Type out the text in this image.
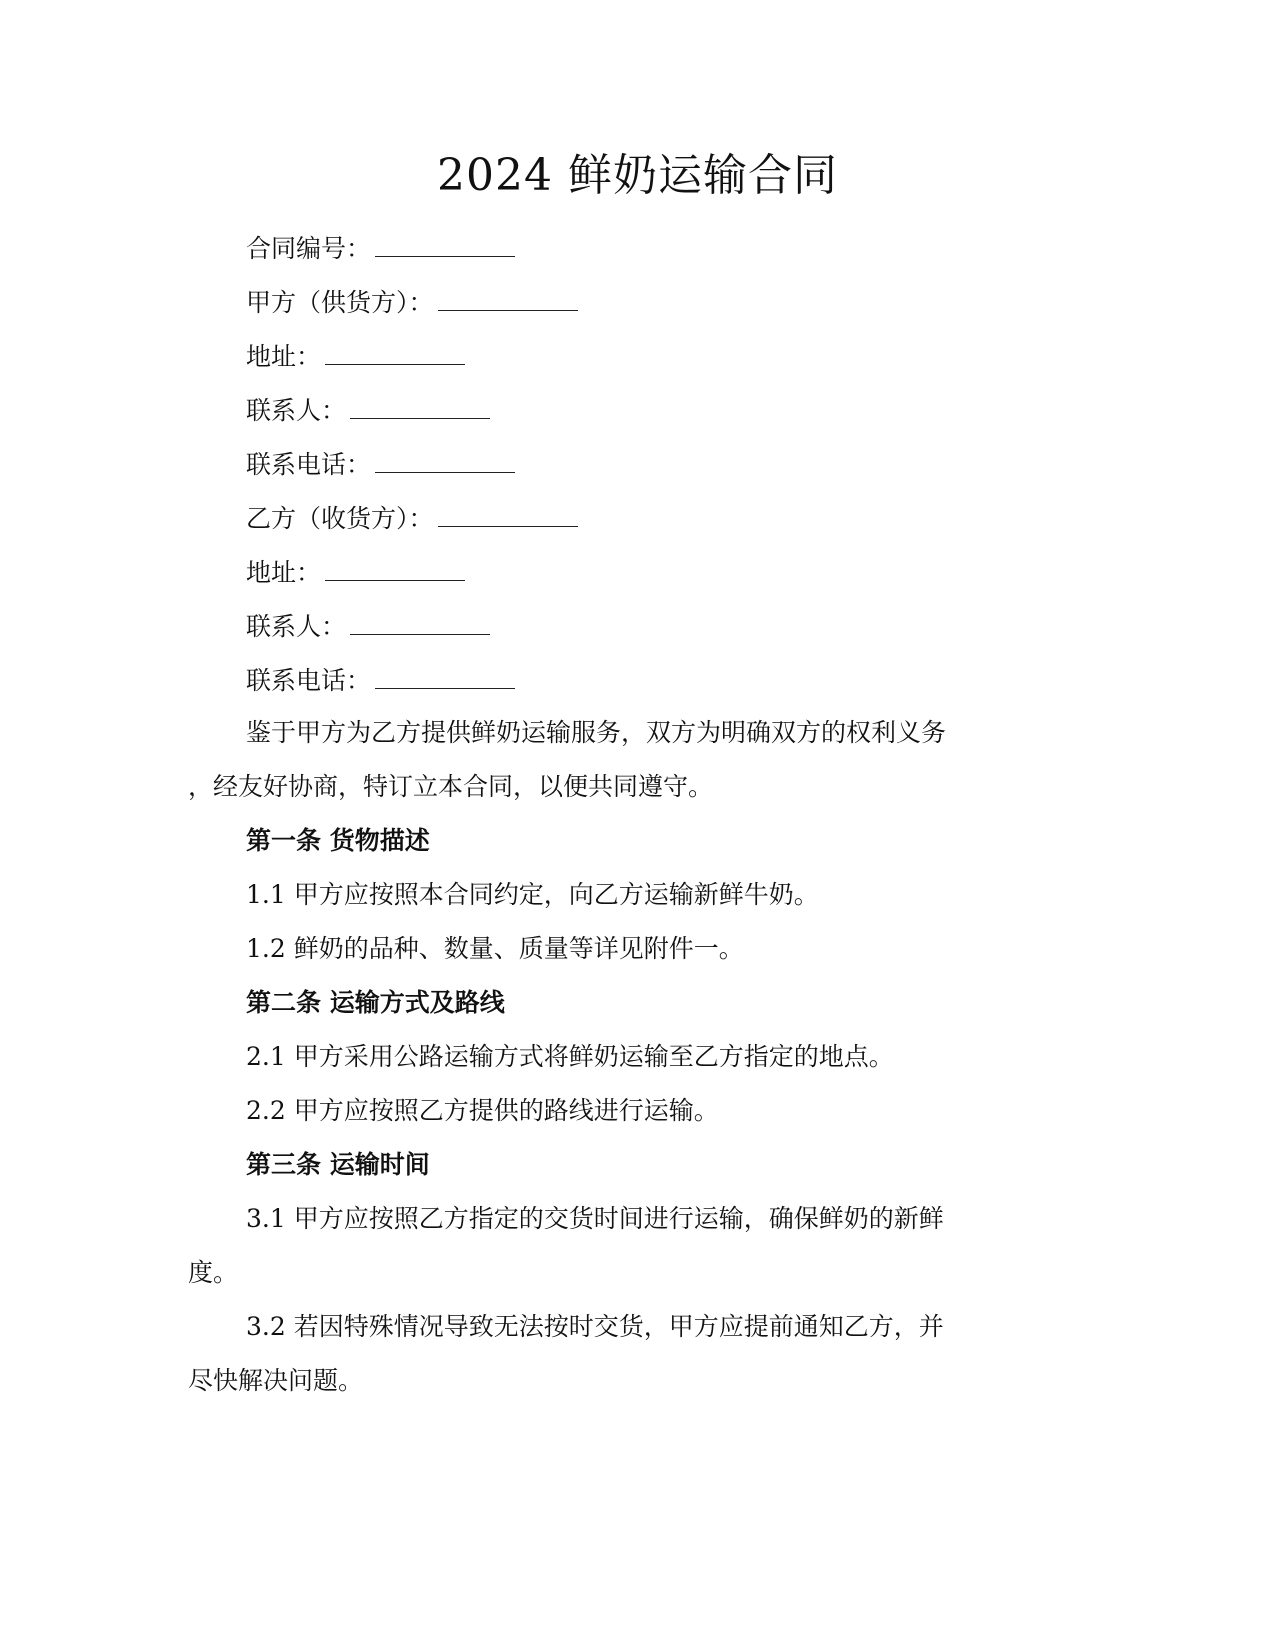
2024 鲜奶运输合同
合同编号：
甲方（供货方）：
地址：
联系人：
联系电话：
乙方（收货方）：
地址：
联系人：
联系电话：
鉴于甲方为乙方提供鲜奶运输服务，双方为明确双方的权利义务
，经友好协商，特订立本合同，以便共同遵守。
第一条 货物描述
1.1 甲方应按照本合同约定，向乙方运输新鲜牛奶。
1.2 鲜奶的品种、数量、质量等详见附件一。
第二条 运输方式及路线
2.1 甲方采用公路运输方式将鲜奶运输至乙方指定的地点。
2.2 甲方应按照乙方提供的路线进行运输。
第三条 运输时间
3.1 甲方应按照乙方指定的交货时间进行运输，确保鲜奶的新鲜
度。
3.2 若因特殊情况导致无法按时交货，甲方应提前通知乙方，并
尽快解决问题。
